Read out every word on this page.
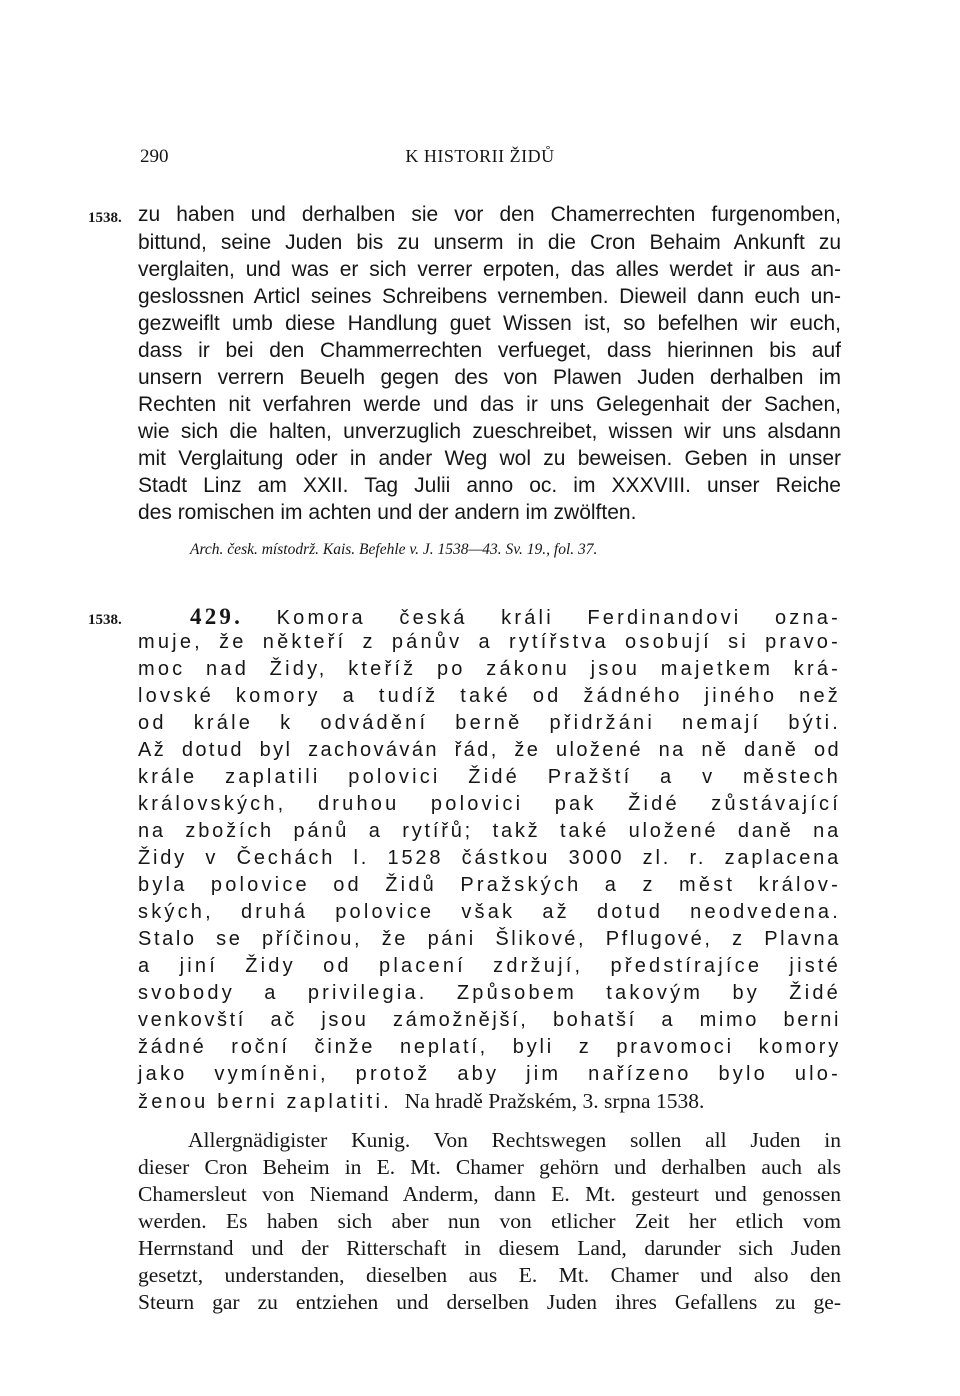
290	K HISTORII ŽIDŮ
1538. zu haben und derhalben sie vor den Chamerrechten furgenomben,
bittund, seine Juden bis zu unserm in die Cron Behaim Ankunft zu
verglaiten, und was er sich verrer erpoten, das alles werdet ir aus an-
geslossnen Articl seines Schreibens vernemben. Dieweil dann euch un-
gezweiflt umb diese Handlung guet Wissen ist, so befelhen wir euch,
dass ir bei den Chammerrechten verfueget, dass hierinnen bis auf
unsern verrern Beuelh gegen des von Plawen Juden derhalben im
Rechten nit verfahren werde und das ir uns Gelegenhait der Sachen,
wie sich die halten, unverzuglich zueschreibet, wissen wir uns alsdann
mit Verglaitung oder in ander Weg wol zu beweisen. Geben in unser
Stadt Linz am XXII. Tag Julii anno oc. im XXXVIII. unser Reiche
des romischen im achten und der andern im zwölften.
Arch. česk. místodrž. Kais. Befehle v. J. 1538—43. Sv. 19., fol. 37.
1538.	429. Komora česká králi Ferdinandovi ozna-
muje, že někteří z pánův a rytířstva osobují si pravo-
moc nad Židy, kteříž po zákonu jsou majetkem krá-
lovské komory a tudíž také od žádného jiného než
od krále k odvádění berně přidržáni nemají býti.
Až dotud byl zachováván řád, že uložené na ně daně od
krále zaplatili polovici Židé Pražští a v městech
královských, druhou polovici pak Židé zůstávající
na zbožích pánů a rytířů; takž také uložené daně na
Židy v Čechách l. 1528 částkou 3000 zl. r. zaplacena
byla polovice od Židů Pražských a z měst králov-
ských, druhá polovice však až dotud neodvedena.
Stalo se příčinou, že páni Šlikové, Pflugové, z Plavna
a jiní Židy od placení zdržují, předstírajíce jisté
svobody a privilegia. Způsobem takovým by Židé
venkovští ač jsou zámožnější, bohatší a mimo berni
žádné roční činže neplatí, byli z pravomoci komory
jako vymíněni, protož aby jim nařízeno bylo ulo-
ženou berni zaplatiti. Na hradě Pražském, 3. srpna 1538.
Allergnädigister Kunig. Von Rechtswegen sollen all Juden in
dieser Cron Beheim in E. Mt. Chamer gehörn und derhalben auch als
Chamersleut von Niemand Anderm, dann E. Mt. gesteurt und genossen
werden. Es haben sich aber nun von etlicher Zeit her etlich vom
Herrnstand und der Ritterschaft in diesem Land, darunder sich Juden
gesetzt, understanden, dieselben aus E. Mt. Chamer und also den
Steurn gar zu entziehen und derselben Juden ihres Gefallens zu ge-
